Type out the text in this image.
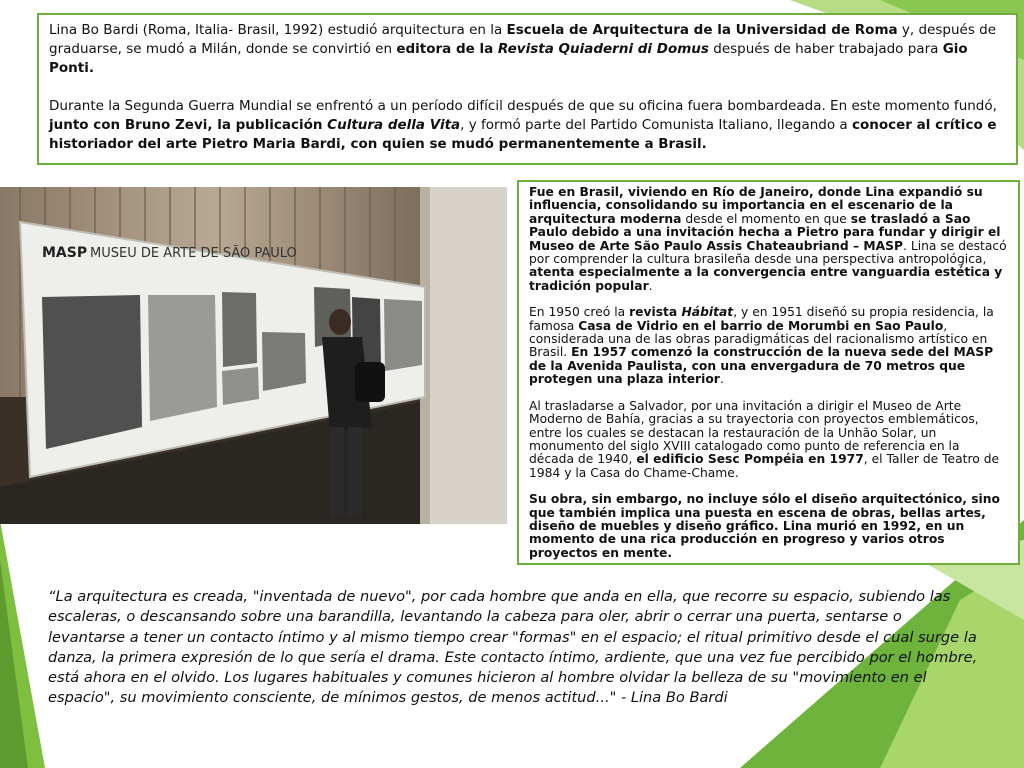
Lina Bo Bardi (Roma, Italia- Brasil, 1992) estudió arquitectura en la Escuela de Arquitectura de la Universidad de Roma y, después de graduarse, se mudó a Milán, donde se convirtió en editora de la Revista Quiaderni di Domus después de haber trabajado para Gio Ponti.

Durante la Segunda Guerra Mundial se enfrentó a un período difícil después de que su oficina fuera bombardeada. En este momento fundó, junto con Bruno Zevi, la publicación Cultura della Vita, y formó parte del Partido Comunista Italiano, llegando a conocer al crítico e historiador del arte Pietro Maria Bardi, con quien se mudó permanentemente a Brasil.

MASP MUSEU DE ARTE DE SÃO PAULO

Fue en Brasil, viviendo en Río de Janeiro, donde Lina expandió su influencia, consolidando su importancia en el escenario de la arquitectura moderna desde el momento en que se trasladó a Sao Paulo debido a una invitación hecha a Pietro para fundar y dirigir el Museo de Arte São Paulo Assis Chateaubriand – MASP. Lina se destacó por comprender la cultura brasileña desde una perspectiva antropológica, atenta especialmente a la convergencia entre vanguardia estética y tradición popular.

En 1950 creó la revista Hábitat, y en 1951 diseñó su propia residencia, la famosa Casa de Vidrio en el barrio de Morumbi en Sao Paulo, considerada una de las obras paradigmáticas del racionalismo artístico en Brasil. En 1957 comenzó la construcción de la nueva sede del MASP de la Avenida Paulista, con una envergadura de 70 metros que protegen una plaza interior.

Al trasladarse a Salvador, por una invitación a dirigir el Museo de Arte Moderno de Bahía, gracias a su trayectoria con proyectos emblemáticos, entre los cuales se destacan la restauración de la Unhão Solar, un monumento del siglo XVIII catalogado como punto de referencia en la década de 1940, el edificio Sesc Pompéia en 1977, el Taller de Teatro de 1984 y la Casa do Chame-Chame.

Su obra, sin embargo, no incluye sólo el diseño arquitectónico, sino que también implica una puesta en escena de obras, bellas artes, diseño de muebles y diseño gráfico. Lina murió en 1992, en un momento de una rica producción en progreso y varios otros proyectos en mente.

“La arquitectura es creada, "inventada de nuevo", por cada hombre que anda en ella, que recorre su espacio, subiendo las escaleras, o descansando sobre una barandilla, levantando la cabeza para oler, abrir o cerrar una puerta, sentarse o levantarse a tener un contacto íntimo y al mismo tiempo crear "formas" en el espacio; el ritual primitivo desde el cual surge la danza, la primera expresión de lo que sería el drama. Este contacto íntimo, ardiente, que una vez fue percibido por el hombre, está ahora en el olvido. Los lugares habituales y comunes hicieron al hombre olvidar la belleza de su "movimiento en el espacio", su movimiento consciente, de mínimos gestos, de menos actitud..." - Lina Bo Bardi
